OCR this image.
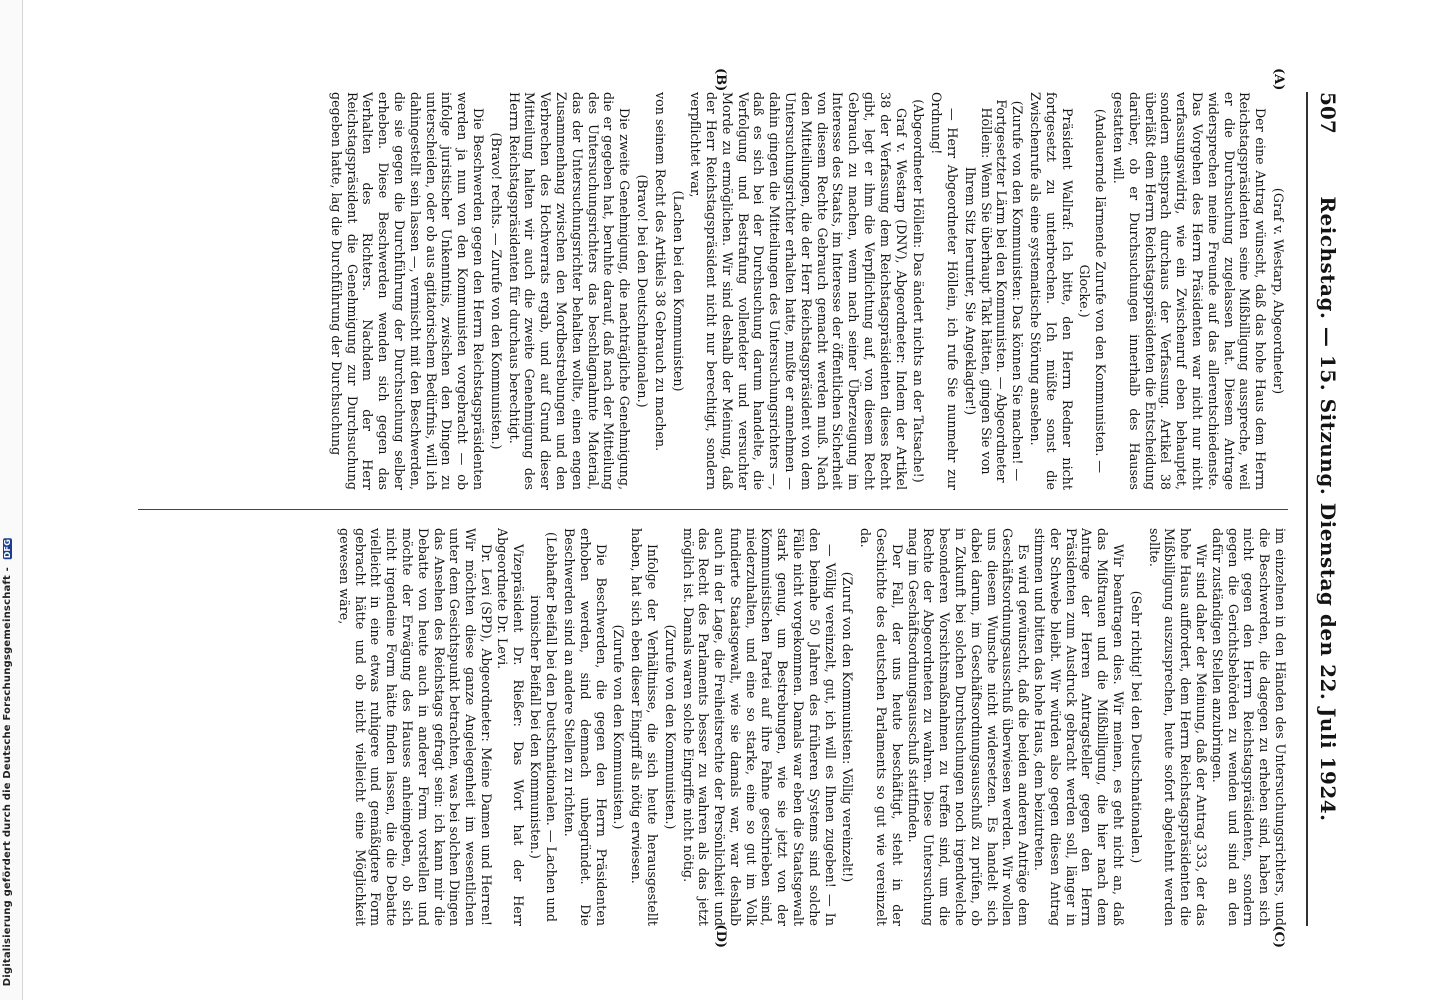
Digitalisierung gefördert durch die Deutsche Forschungsgemeinschaft - DFG
507
Reichstag. — 15. Sitzung. Dienstag den 22. Juli 1924.
(A)
(B)
(C)
(D)

(Graf v. Westarp, Abgeordneter)

Der eine Antrag wünscht, daß das hohe Haus dem Herrn Reichstagspräsidenten seine Mißbilligung ausspreche, weil er die Durchsuchung zugelassen hat. Diesem Antrage widersprechen meine Freunde auf das allerentschiedenste. Das Vorgehen des Herrn Präsidenten war nicht nur nicht verfassungswidrig, wie ein Zwischenruf eben behauptet, sondern entsprach durchaus der Verfassung. Artikel 38 überläßt dem Herrn Reichstagspräsidenten die Entscheidung darüber, ob er Durchsuchungen innerhalb des Hauses gestatten will.

(Andauernde lärmende Zurufe von den Kommunisten. — Glocke.)

Präsident Wallraf: Ich bitte, den Herrn Redner nicht fortgesetzt zu unterbrechen. Ich müßte sonst die Zwischenrufe als eine systematische Störung ansehen.

(Zurufe von den Kommunisten: Das können Sie machen! — Fortgesetzter Lärm bei den Kommunisten. — Abgeordneter Höllein: Wenn Sie überhaupt Takt hätten, gingen Sie von Ihrem Sitz herunter, Sie Angeklagter!)

— Herr Abgeordneter Höllein, ich rufe Sie nunmehr zur Ordnung!

(Abgeordneter Höllein: Das ändert nichts an der Tatsache!)

Graf v. Westarp (DNV), Abgeordneter: Indem der Artikel 38 der Verfassung dem Reichstagspräsidenten dieses Recht gibt, legt er ihm die Verpflichtung auf, von diesem Recht Gebrauch zu machen, wenn nach seiner Überzeugung im Interesse des Staats, im Interesse der öffentlichen Sicherheit von diesem Rechte Gebrauch gemacht werden muß. Nach den Mitteilungen, die der Herr Reichstagspräsident von dem Untersuchungsrichter erhalten hatte, mußte er annehmen — dahin gingen die Mitteilungen des Untersuchungsrichters —, daß es sich bei der Durchsuchung darum handelte, die Verfolgung und Bestrafung vollendeter und versuchter Morde zu ermöglichen. Wir sind deshalb der Meinung, daß der Herr Reichstagspräsident nicht nur berechtigt, sondern verpflichtet war,

(Lachen bei den Kommunisten)

von seinem Recht des Artikels 38 Gebrauch zu machen.

(Bravo! bei den Deutschnationalen.)

Die zweite Genehmigung, die nachträgliche Genehmigung, die er gegeben hat, beruhte darauf, daß nach der Mitteilung des Untersuchungsrichters das beschlagnahmte Material, das der Untersuchungsrichter behalten wollte, einen engen Zusammenhang zwischen den Mordbestrebungen und den Verbrechen des Hochverrats ergab, und auf Grund dieser Mitteilung halten wir auch die zweite Genehmigung des Herrn Reichstagspräsidenten für durchaus berechtigt.

(Bravo! rechts. — Zurufe von den Kommunisten.)

Die Beschwerden gegen den Herrn Reichstagspräsidenten werden ja nun von den Kommunisten vorgebracht — ob infolge juristischer Unkenntnis, zwischen den Dingen zu unterscheiden, oder ob aus agitatorischem Bedürfnis, will ich dahingestellt sein lassen —, vermischt mit den Beschwerden, die sie gegen die Durchführung der Durchsuchung selber erheben. Diese Beschwerden wenden sich gegen das Verhalten des Richters. Nachdem der Herr Reichstagspräsident die Genehmigung zur Durchsuchung gegeben hatte, lag die Durchführung der Durchsuchung

im einzelnen in den Händen des Untersuchungsrichters, und die Beschwerden, die dagegen zu erheben sind, haben sich nicht gegen den Herrn Reichstagspräsidenten, sondern gegen die Gerichtsbehörden zu wenden und sind an den dafür zuständigen Stellen anzubringen.

Wir sind daher der Meinung, daß der Antrag 333, der das hohe Haus auffordert, dem Herrn Reichstagspräsidenten die Mißbilligung auszusprechen, heute sofort abgelehnt werden sollte.

(Sehr richtig! bei den Deutschnationalen.)

Wir beantragen dies. Wir meinen, es geht nicht an, daß das Mißtrauen und die Mißbilligung, die hier nach dem Antrage der Herren Antragsteller gegen den Herrn Präsidenten zum Ausdruck gebracht werden soll, länger in der Schwebe bleibt. Wir würden also gegen diesen Antrag stimmen und bitten das hohe Haus, dem beizutreten.

Es wird gewünscht, daß die beiden anderen Anträge dem Geschäftsordnungsausschuß überwiesen werden. Wir wollen uns diesem Wunsche nicht widersetzen. Es handelt sich dabei darum, im Geschäftsordnungsausschuß zu prüfen, ob in Zukunft bei solchen Durchsuchungen noch irgendwelche besonderen Vorsichtsmaßnahmen zu treffen sind, um die Rechte der Abgeordneten zu wahren. Diese Untersuchung mag im Geschäftsordnungsausschuß stattfinden.

Der Fall, der uns heute beschäftigt, steht in der Geschichte des deutschen Parlaments so gut wie vereinzelt da.

(Zuruf von den Kommunisten: Völlig vereinzelt!)

— Völlig vereinzelt, gut, ich will es Ihnen zugeben! — In den beinahe 50 Jahren des früheren Systems sind solche Fälle nicht vorgekommen. Damals war eben die Staatsgewalt stark genug, um Bestrebungen, wie sie jetzt von der Kommunistischen Partei auf ihre Fahne geschrieben sind, niederzuhalten, und eine so starke, eine so gut im Volk fundierte Staatsgewalt, wie sie damals war, war deshalb auch in der Lage, die Freiheitsrechte der Persönlichkeit und das Recht des Parlaments besser zu wahren als das jetzt möglich ist. Damals waren solche Eingriffe nicht nötig.

(Zurufe von den Kommunisten.)

Infolge der Verhältnisse, die sich heute herausgestellt haben, hat sich eben dieser Eingriff als nötig erwiesen.

(Zurufe von den Kommunisten.)

Die Beschwerden, die gegen den Herrn Präsidenten erhoben werden, sind demnach unbegründet. Die Beschwerden sind an andere Stellen zu richten.

(Lebhafter Beifall bei den Deutschnationalen. — Lachen und ironischer Beifall bei den Kommunisten.)

Vizepräsident Dr. Rießer: Das Wort hat der Herr Abgeordnete Dr. Levi.

Dr. Levi (SPD), Abgeordneter: Meine Damen und Herren! Wir möchten diese ganze Angelegenheit im wesentlichen unter dem Gesichtspunkt betrachten, was bei solchen Dingen das Ansehen des Reichstags gefragt sein: ich kann mir die Debatte von heute auch in anderer Form vorstellen und möchte der Erwägung des Hauses anheimgeben, ob sich nicht irgendeine Form hätte finden lassen, die die Debatte vielleicht in eine etwas ruhigere und gemäßigtere Form gebracht hätte und ob nicht vielleicht eine Möglichkeit gewesen wäre,
